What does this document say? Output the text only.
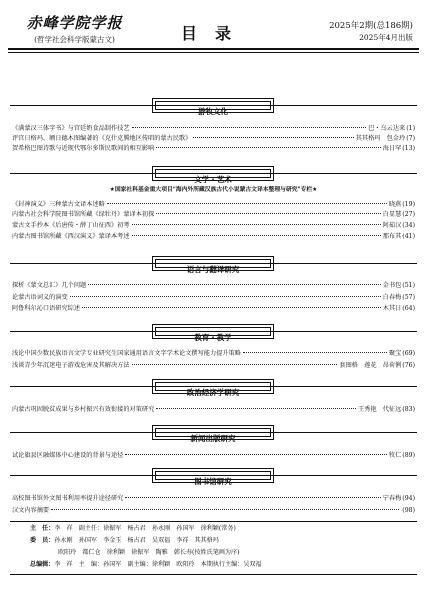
赤峰学院学报
(哲学社会科学版蒙古文)	目录	2025年2期(总186期)
2025年4月出版
游牧文化
《满蒙汉三体字书》与宫廷奶食品制作技艺	巴・乌云达来 (1)
评宫日格玛、额日德木图编著的《克什克腾地区传唱的蒙古民歌》	其其格玛　包金玲 (7)
贺希格巴图诗歌与近现代鄂尔多斯民歌间的相互影响	海日罕 (13)
文学・艺术
★国家社科基金重大项目"海内外所藏汉族古代小说蒙古文译本整理与研究"专栏★
《封神演义》三种蒙古文译本述略	晓燕 (19)
内蒙古社会科学院图书馆所藏《绿牡丹》蒙译本初探	白显慧 (27)
蒙古文手抄本《后唐传・薛丁山征西》初考	阿茹汉 (34)
内蒙古图书馆所藏《西汉演义》蒙译本考述	那布其 (41)
语言与翻译研究
探析《蒙文总汇》几个问题	金书包 (51)
论蒙古语词义的演变	白春梅 (57)
阿鲁科尔沁口语研究综述	木其日 (64)
教育・教学
浅论中国少数民族语言文学专业研究生国家通用语言文字学术论文撰写能力提升策略	聚宝 (69)
浅谈青少年沉迷电子游戏危害及其解决方法	套图格　莲花　昂荷俐 (76)
政治经济学研究
内蒙古巩固脱贫成果与乡村振兴有效衔接的对策研究	王秀艳　代征远 (83)
新闻出版研究
试论旗县区融媒体中心建设的背景与途径	牧仁 (89)
图书馆研究
高校图书馆外文图书利用率提升途径研究	宁春梅 (94)
汉文内容摘要	(98)
主　任：李　祥　副主任：徐振军　杨占君　孙永刚　孙国军　徐利颖(常务)
委　员：孙永刚　孙国军　李金玉　杨占君　吴双福　李祥　其其格玛
欧阳玲　都仁仓　徐利颖　徐振军　陶雅　韩长寿(按姓氏笔画为序)
总编辑：李　祥　主　编：孙国军　副主编：徐利颖　欧阳玲　本期执行主编：吴双福
